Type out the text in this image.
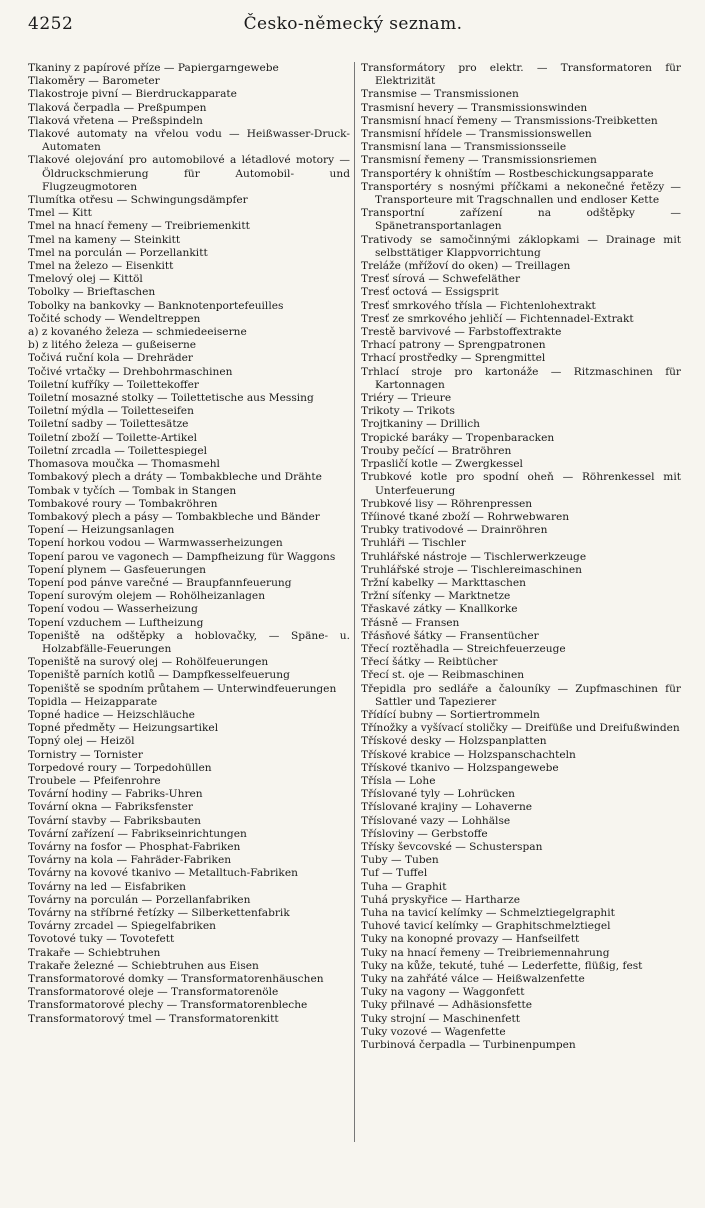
4252	Česko-německý seznam.

Tkaniny z papírové příze — Papiergarngewebe

Tlakoměry — Barometer

Tlakostroje pivní — Bierdruckapparate

Tlaková čerpadla — Preßpumpen

Tlaková vřetena — Preßspindeln

Tlakové automaty na vřelou vodu — Heißwasser-Druck-Automaten

Tlakové olejování pro automobilové a létadlové motory — Öldruckschmierung für Automobil- und Flugzeugmotoren

Tlumítka otřesu — Schwingungsdämpfer

Tmel — Kitt

Tmel na hnací řemeny — Treibriemenkitt

Tmel na kameny — Steinkitt

Tmel na porculán — Porzellankitt

Tmel na železo — Eisenkitt

Tmelový olej — Kittöl

Tobolky — Brieftaschen

Tobolky na bankovky — Banknotenportefeuilles

Točité schody — Wendeltreppen

a) z kovaného železa — schmiedeeiserne

b) z litého železa — gußeiserne

Točivá ruční kola — Drehräder

Točivé vrtačky — Drehbohrmaschinen

Toiletní kufříky — Toilettekoffer

Toiletní mosazné stolky — Toilettetische aus Messing

Toiletní mýdla — Toiletteseifen

Toiletní sadby — Toilettesätze

Toiletní zboží — Toilette-Artikel

Toiletní zrcadla — Toilettespiegel

Thomasova moučka — Thomasmehl

Tombakový plech a dráty — Tombakbleche und Drähte

Tombak v tyčích — Tombak in Stangen

Tombakové roury — Tombakröhren

Tombakový plech a pásy — Tombakbleche und Bänder

Topení — Heizungsanlagen

Topení horkou vodou — Warmwasserheizungen

Topení parou ve vagonech — Dampfheizung für Waggons

Topení plynem — Gasfeuerungen

Topení pod pánve varečné — Braupfannfeuerung

Topení surovým olejem — Rohölheizanlagen

Topení vodou — Wasserheizung

Topení vzduchem — Luftheizung

Topeniště na odštěpky a hoblovačky, — Späne- u. Holzabfälle-Feuerungen

Topeniště na surový olej — Rohölfeuerungen

Topeniště parních kotlů — Dampfkesselfeuerung

Topeniště se spodním průtahem — Unterwindfeuerungen

Topidla — Heizapparate

Topné hadice — Heizschläuche

Topné předměty — Heizungsartikel

Topný olej — Heizöl

Tornistry — Tornister

Torpedové roury — Torpedohüllen

Troubele — Pfeifenrohre

Tovární hodiny — Fabriks-Uhren

Tovární okna — Fabriksfenster

Tovární stavby — Fabriksbauten

Tovární zařízení — Fabrikseinrichtungen

Továrny na fosfor — Phosphat-Fabriken

Továrny na kola — Fahräder-Fabriken

Továrny na kovové tkanivo — Metalltuch-Fabriken

Továrny na led — Eisfabriken

Továrny na porculán — Porzellanfabriken

Továrny na stříbrné řetízky — Silberkettenfabrik

Továrny zrcadel — Spiegelfabriken

Tovotové tuky — Tovotefett

Trakaře — Schiebtruhen

Trakaře železné — Schiebtruhen aus Eisen

Transformatorové domky — Transformatorenhäuschen

Transformatorové oleje — Transformatorenöle

Transformatorové plechy — Transformatorenbleche

Transformatorový tmel — Transformatorenkitt

Transformátory pro elektr. — Transformatoren für Elektrizität

Transmise — Transmissionen

Trasmisní hevery — Transmissionswinden

Transmisní hnací řemeny — Transmissions-Treibketten

Transmisní hřídele — Transmissionswellen

Transmisní lana — Transmissionsseile

Transmisní řemeny — Transmissionsriemen

Transportéry k ohništím — Rostbeschickungsapparate

Transportéry s nosnými příčkami a nekonečné řetězy — Transporteure mit Tragschnallen und endloser Kette

Transportní zařízení na odštěpky — Spänetransportanlagen

Trativody se samočinnými záklopkami — Drainage mit selbsttätiger Klappvorrichtung

Treláže (mřížoví do oken) — Treillagen

Tresť sírová — Schwefeläther

Tresť octová — Essigsprit

Tresť smrkového třísla — Fichtenlohextrakt

Tresť ze smrkového jehličí — Fichtennadel-Extrakt

Trestě barvivové — Farbstoffextrakte

Trhací patrony — Sprengpatronen

Trhací prostředky — Sprengmittel

Trhlací stroje pro kartonáže — Ritzmaschinen für Kartonnagen

Triéry — Trieure

Trikoty — Trikots

Trojtkaniny — Drillich

Tropické baráky — Tropenbaracken

Trouby pečící — Bratröhren

Trpasličí kotle — Zwergkessel

Trubkové kotle pro spodní oheň — Röhrenkessel mit Unterfeuerung

Trubkové lisy — Röhrenpressen

Tříinové tkané zboží — Rohrwebwaren

Trubky trativodové — Drainröhren

Truhláři — Tischler

Truhlářské nástroje — Tischlerwerkzeuge

Truhlářské stroje — Tischlereimaschinen

Tržní kabelky — Markttaschen

Tržní síťenky — Marktnetze

Třaskavé zátky — Knallkorke

Třásně — Fransen

Třásňové šátky — Fransentücher

Třecí roztěhadla — Streichfeuerzeuge

Třecí šátky — Reibtücher

Třecí st. oje — Reibmaschinen

Třepidla pro sedláře a čalouníky — Zupfmaschinen für Sattler und Tapezierer

Třídící bubny — Sortiertrommeln

Třínožky a vyšívací stoličky — Dreifüße und Dreifußwinden

Třískové desky — Holzspanplatten

Třískové krabice — Holzspanschachteln

Třískové tkanivo — Holzspangewebe

Třísla — Lohe

Tříslované tyly — Lohrücken

Tříslované krajiny — Lohaverne

Tříslované vazy — Lohhälse

Třísloviny — Gerbstoffe

Třísky ševcovské — Schusterspan

Tuby — Tuben

Tuf — Tuffel

Tuha — Graphit

Tuhá pryskyřice — Hartharze

Tuha na tavicí kelímky — Schmelztiegelgraphit

Tuhové tavicí kelímky — Graphitschmelztiegel

Tuky na konopné provazy — Hanfseilfett

Tuky na hnací řemeny — Treibriemennahrung

Tuky na kůže, tekuté, tuhé — Lederfette, flüßig, fest

Tuky na zahřáté válce — Heißwalzenfette

Tuky na vagony — Waggonfett

Tuky přilnavé — Adhäsionsfette

Tuky strojní — Maschinenfett

Tuky vozové — Wagenfette

Turbinová čerpadla — Turbinenpumpen
